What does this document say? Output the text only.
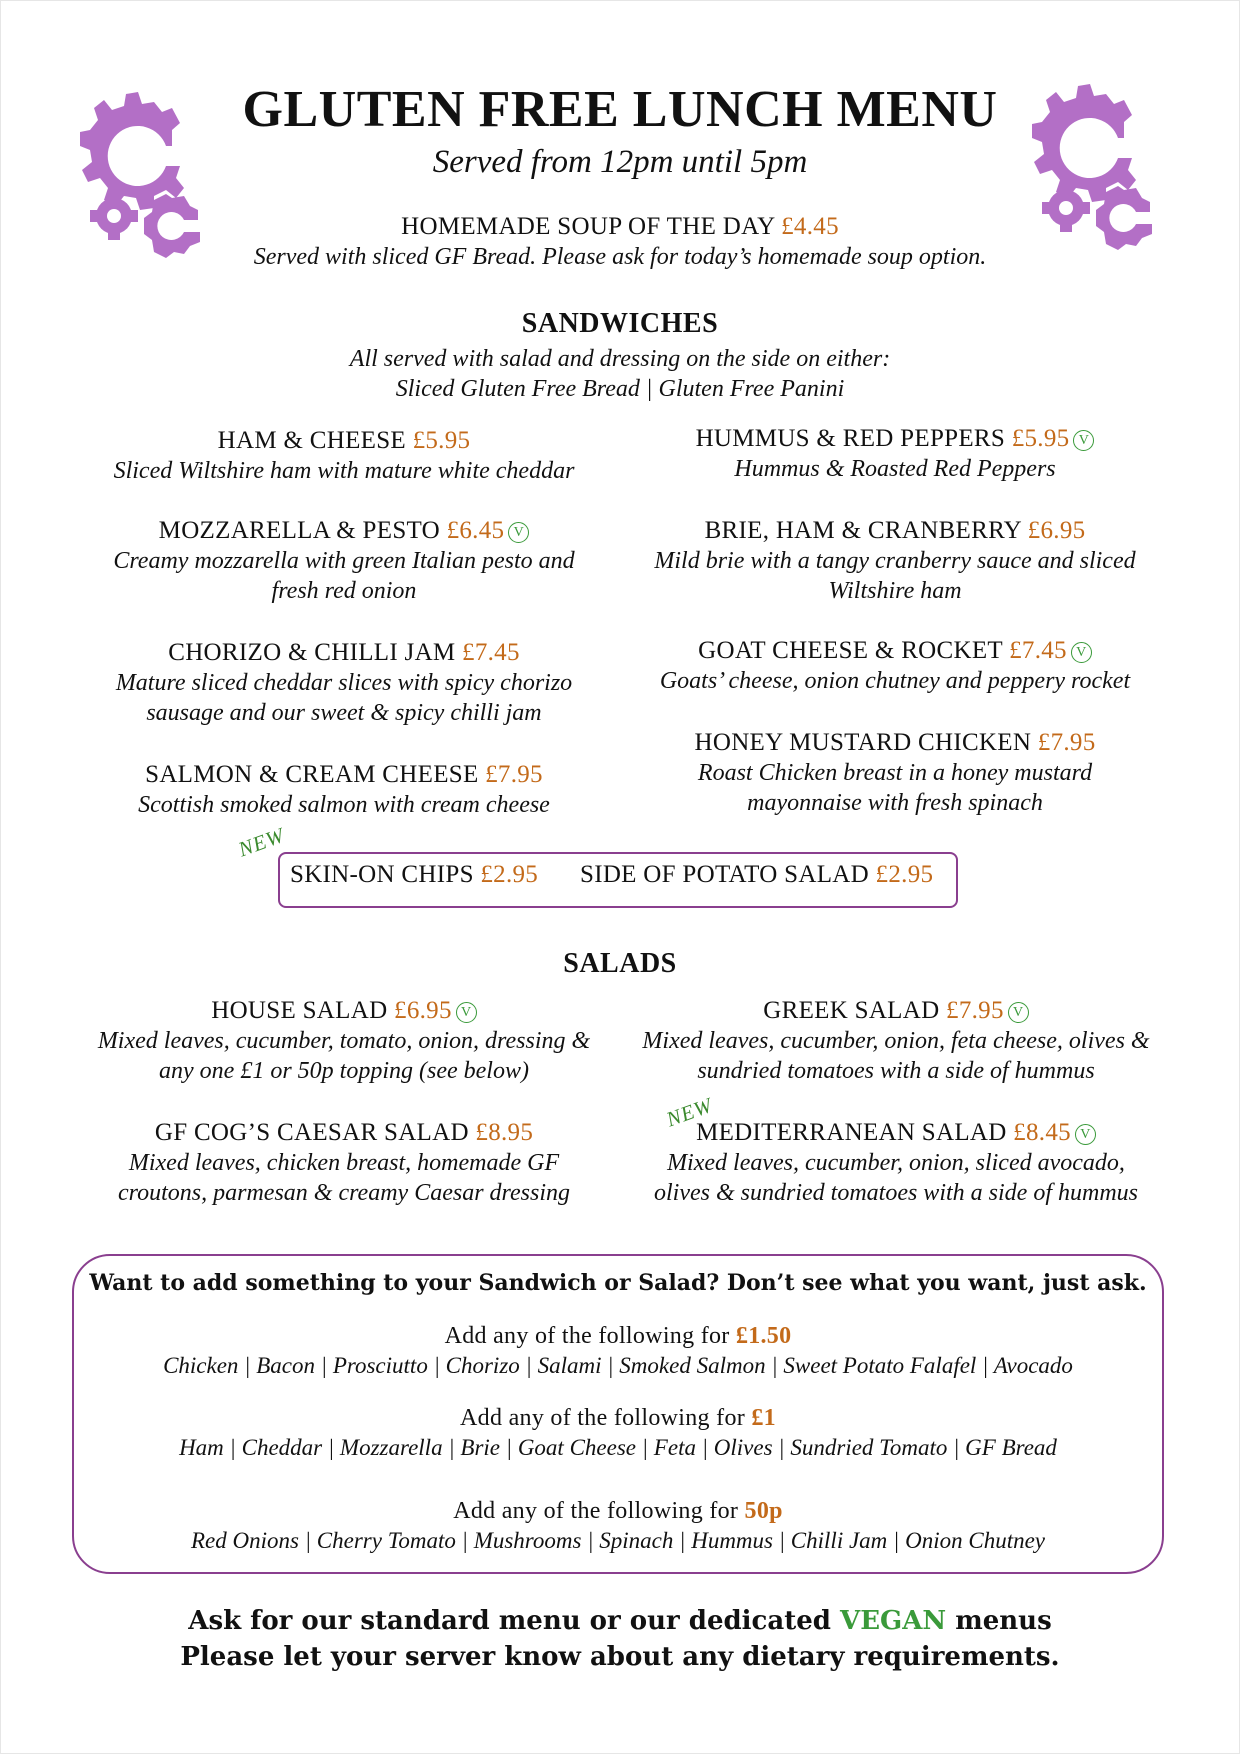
GLUTEN FREE LUNCH MENU
Served from 12pm until 5pm
HOMEMADE SOUP OF THE DAY £4.45
Served with sliced GF Bread. Please ask for today’s homemade soup option.
SANDWICHES
All served with salad and dressing on the side on either:
Sliced Gluten Free Bread | Gluten Free Panini
HAM & CHEESE £5.95
Sliced Wiltshire ham with mature white cheddar
MOZZARELLA & PESTO £6.45 V
Creamy mozzarella with green Italian pesto and
fresh red onion
CHORIZO & CHILLI JAM £7.45
Mature sliced cheddar slices with spicy chorizo
sausage and our sweet & spicy chilli jam
SALMON & CREAM CHEESE £7.95
Scottish smoked salmon with cream cheese
HUMMUS & RED PEPPERS £5.95 V
Hummus & Roasted Red Peppers
BRIE, HAM & CRANBERRY £6.95
Mild brie with a tangy cranberry sauce and sliced
Wiltshire ham
GOAT CHEESE & ROCKET £7.45 V
Goats’ cheese, onion chutney and peppery rocket
HONEY MUSTARD CHICKEN £7.95
Roast Chicken breast in a honey mustard
mayonnaise with fresh spinach
NEW
SKIN-ON CHIPS £2.95 SIDE OF POTATO SALAD £2.95
SALADS
HOUSE SALAD £6.95 V
Mixed leaves, cucumber, tomato, onion, dressing &
any one £1 or 50p topping (see below)
GF COG’S CAESAR SALAD £8.95
Mixed leaves, chicken breast, homemade GF
croutons, parmesan & creamy Caesar dressing
GREEK SALAD £7.95 V
Mixed leaves, cucumber, onion, feta cheese, olives &
sundried tomatoes with a side of hummus
NEW
MEDITERRANEAN SALAD £8.45 V
Mixed leaves, cucumber, onion, sliced avocado,
olives & sundried tomatoes with a side of hummus
Want to add something to your Sandwich or Salad? Don’t see what you want, just ask.
Add any of the following for £1.50
Chicken | Bacon | Prosciutto | Chorizo | Salami | Smoked Salmon | Sweet Potato Falafel | Avocado
Add any of the following for £1
Ham | Cheddar | Mozzarella | Brie | Goat Cheese | Feta | Olives | Sundried Tomato | GF Bread
Add any of the following for 50p
Red Onions | Cherry Tomato | Mushrooms | Spinach | Hummus | Chilli Jam | Onion Chutney
Ask for our standard menu or our dedicated VEGAN menus
Please let your server know about any dietary requirements.
